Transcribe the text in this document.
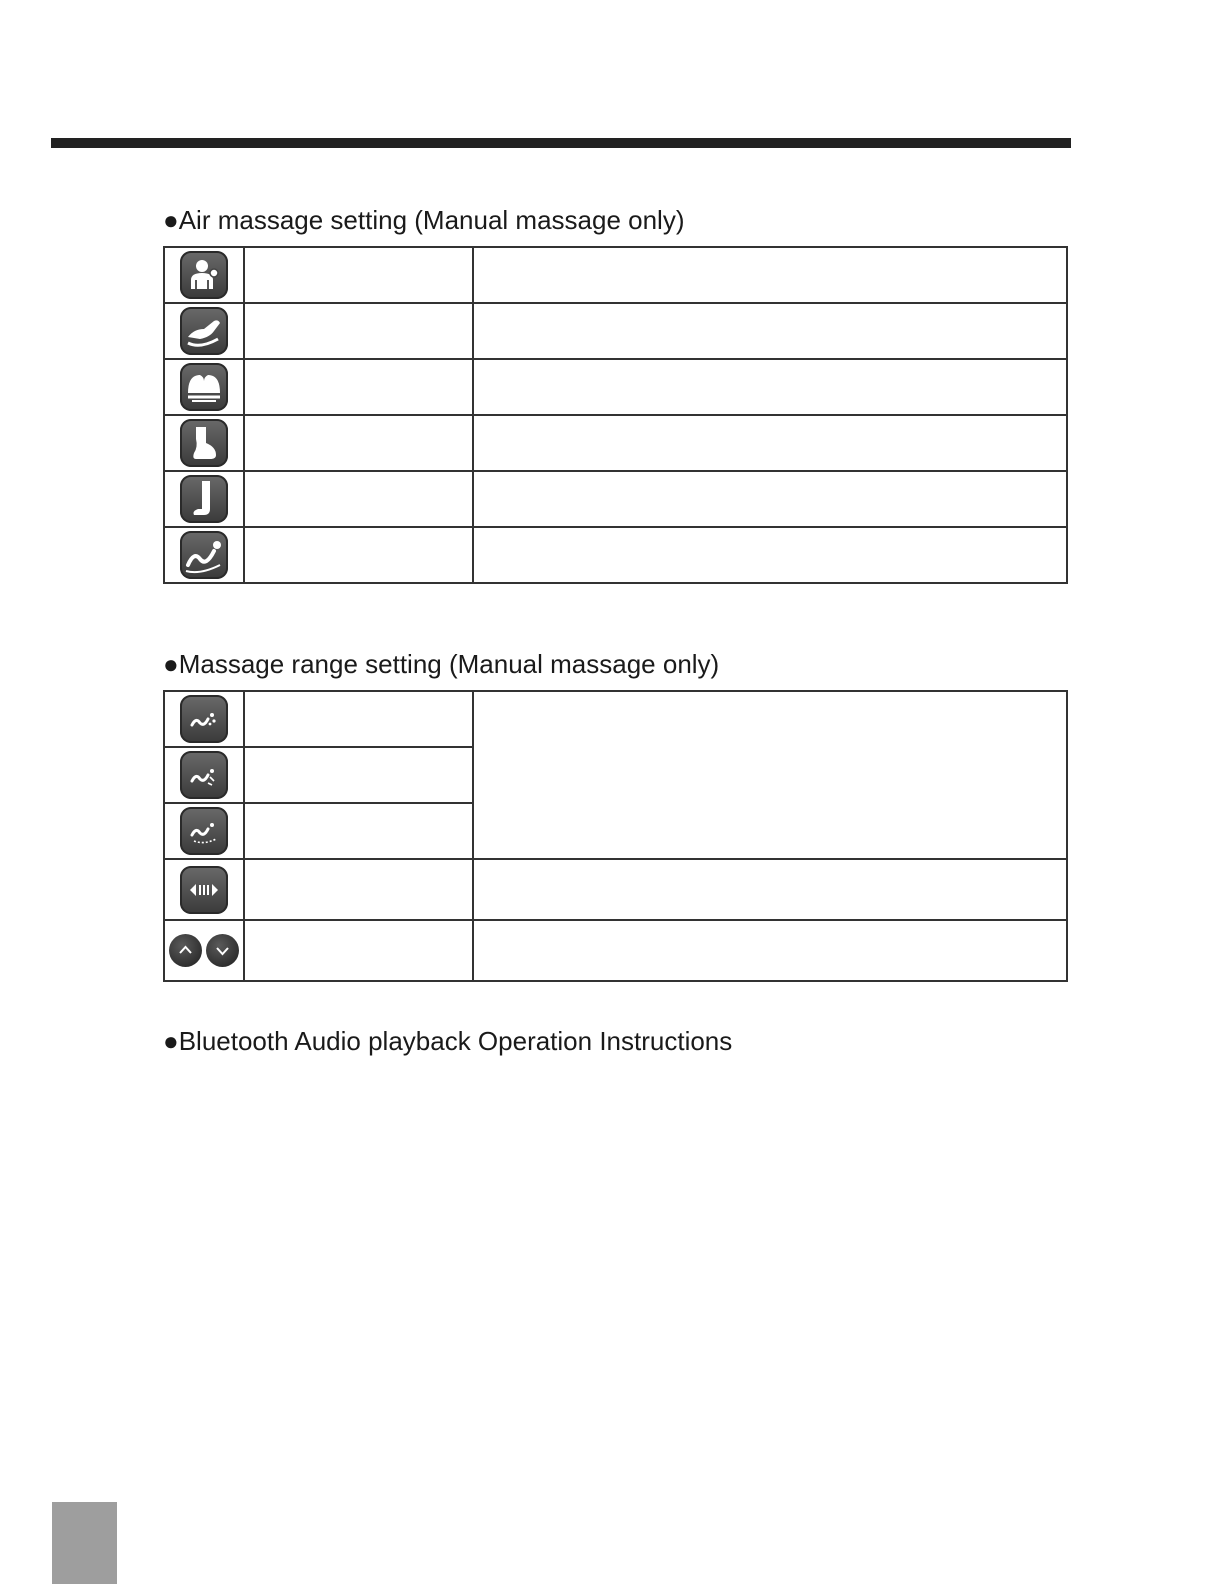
●Air massage setting (Manual massage only)

●Massage range setting (Manual massage only)

●Bluetooth Audio playback Operation Instructions
